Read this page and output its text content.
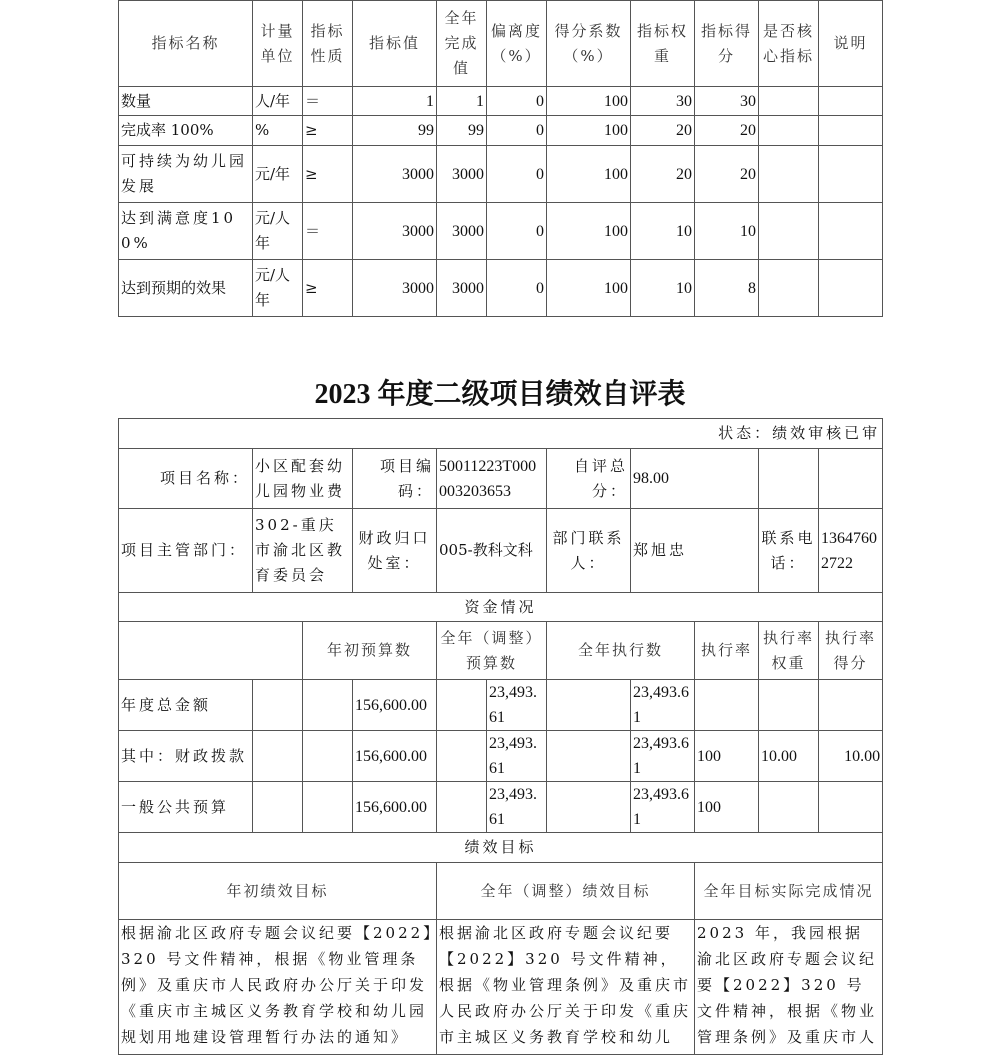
指标名称	计量单位	指标性质	指标值	全年完成值	偏离度（%）	得分系数（%）	指标权重	指标得分	是否核心指标	说明
数量	人/年	＝	1	1	0	100	30	30		
完成率 100%	%	≥	99	99	0	100	20	20		
可持续为幼儿园发展	元/年	≥	3000	3000	0	100	20	20		
达到满意度100%	元/人年	＝	3000	3000	0	100	10	10		
达到预期的效果	元/人年	≥	3000	3000	0	100	10	8		
2023 年度二级项目绩效自评表
状态：绩效审核已审										
项目名称：	小区配套幼儿园物业费		项目编码：	50011223T000003203653		自评总分：	98.00			
项目主管部门：	302-重庆市渝北区教育委员会		财政归口处室：	005-教科文科		部门联系人：	郑旭忠		联系电话：	13647602722
资金情况										
		年初预算数		全年（调整）预算数		全年执行数		执行率	执行率权重	执行率得分
年度总金额			156,600.00		23,493.61		23,493.61			
其中：财政拨款			156,600.00		23,493.61		23,493.61	100	10.00	10.00
一般公共预算			156,600.00		23,493.61		23,493.61	100		
绩效目标										
年初绩效目标				全年（调整）绩效目标				全年目标实际完成情况		
根据渝北区政府专题会议纪要【2022】320 号文件精神，根据《物业管理条例》及重庆市人民政府办公厅关于印发《重庆市主城区义务教育学校和幼儿园规划用地建设管理暂行办法的通知》				根据渝北区政府专题会议纪要【2022】320 号文件精神，根据《物业管理条例》及重庆市人民政府办公厅关于印发《重庆市主城区义务教育学校和幼儿				2023 年，我园根据渝北区政府专题会议纪要【2022】320 号文件精神，根据《物业管理条例》及重庆市人		
